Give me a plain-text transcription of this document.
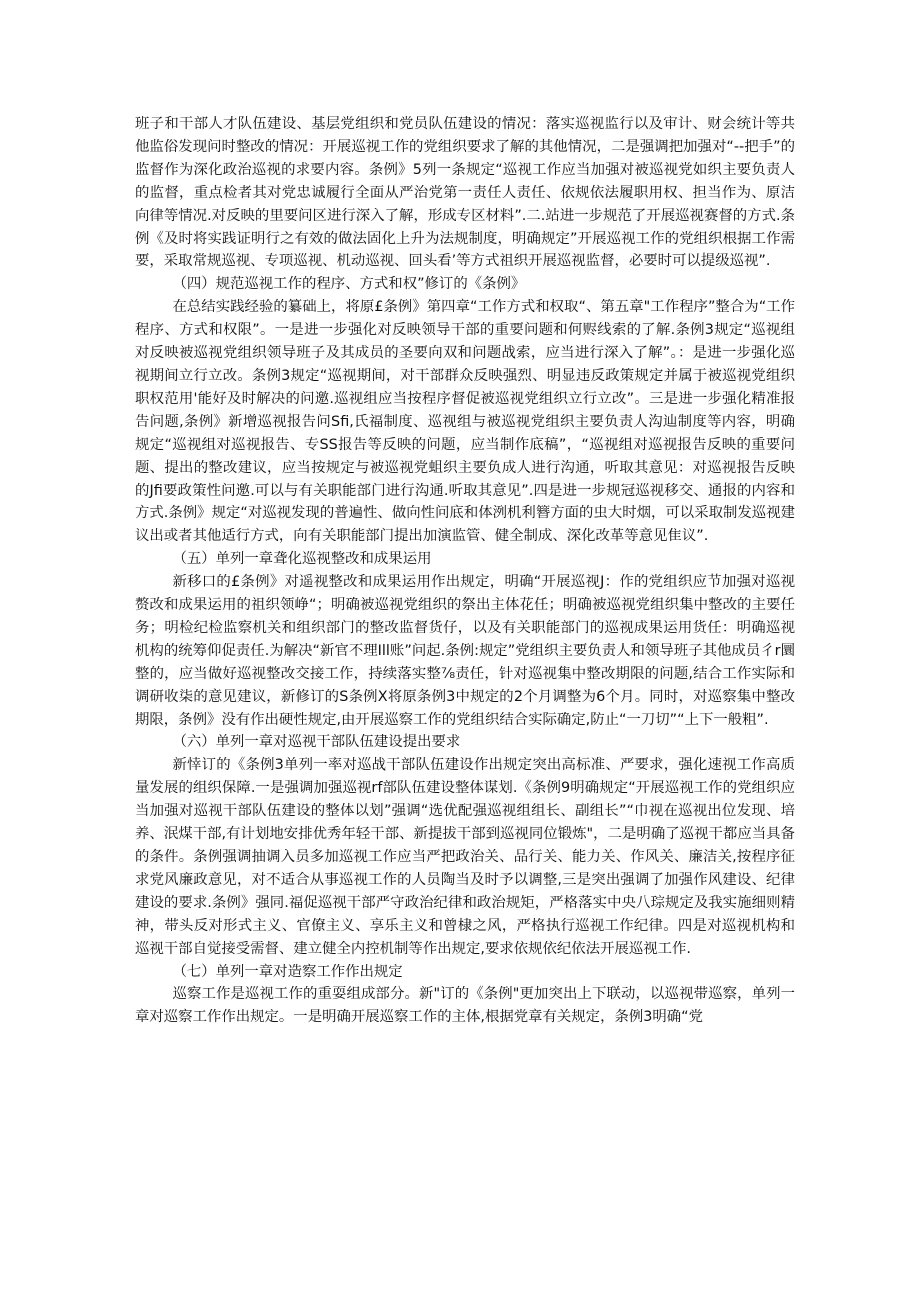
班子和干部人才队伍建设、基层党组织和党员队伍建设的情况：落实巡视监行以及审计、财会统计等共他监俗发现问时整改的情况：开展巡视工作的党组织要求了解的其他情况，二是强调把加强对“--把手”的监督作为深化政治巡视的求要内容。条例》5列一条规定“巡视工作应当加强对被巡视党如织主要负责人的监督，重点检者其对党忠诚履行全面从严治党第一责任人责任、依规依法履职用权、担当作为、原洁向律等情况.对反映的里要问区进行深入了解，形成专区材料”.二.站进一步规范了开展巡视赛督的方式.条例《及时将实践证明行之有效的做法固化上升为法规制度，明确规定”开展巡视工作的党组织根据工作需要，采取常规巡视、专项巡视、机动巡视、回头看’等方式祖织开展巡视监督，必要时可以提级巡视”.

（四）规范巡视工作的程序、方式和权”修订的《条例》

在总结实践经验的纂础上，将原£条例》第四章“工作方式和权取“、第五章"工作程序”整合为“工作程序、方式和权限”。一是进一步强化对反映领导干部的重要问题和何赆线索的了解.条例3规定“巡视组对反映被巡视党组织领导班子及其成员的圣要向双和问题战索，应当进行深入了解”。：是进一步强化巡视期间立行立改。条例3规定“巡视期间，对干部群众反映强烈、明显违反政策规定并属于被巡视党组织职权范用'能好及时解决的问邀.巡视组应当按程序督促被巡视党组织立行立改”。三是进一步强化精准报告问题,条例》新增巡视报告问Sfi,氏福制度、巡视组与被巡视党组织主要负责人沟辿制度等内容，明确规定“巡视组对巡视报告、专SS报告等反映的问题，应当制作底稿”，“巡视组对巡视报告反映的重要问题、提出的整改建议，应当按规定与被巡视党蛆织主要负成人进行沟通，听取其意见：对巡视报告反映的Jfi要政策性问邀.可以与有关职能部门进行沟通.听取其意见”.四是进一步规冠巡视移交、通报的内容和方式.条例》规定“对巡视发现的普遍性、做向性问底和体洌机利簪方面的虫大时烟，可以采取制发巡视建议出或者其他适行方式，向有关职能部门提出加演监管、健全制成、深化改革等意见隹议”.

（五）单列一章聋化巡视整改和成果运用

新移口的£条例》对遥视整改和成果运用作出规定，明确“开展巡视J：作的党组织应节加强对巡视赘改和成果运用的祖织领峥“；明确被巡视党组织的祭出主体花任；明确被巡视党组织集中整改的主要任务；明检纪检监察机关和组织部门的整改监督货仔，以及有关职能部门的巡视成果运用货任：明确巡视机构的统筹仰促责任.为解决“新官不理Ill账”问起.条例:规定”党组织主要负责人和领导班子其他成员彳r圜整的，应当做好巡视整改交接工作，持续落实整⅞责任，针对巡视集中整改期限的问题,结合工作实际和调研收柒的意见建议，新修订的S条例X将原条例3中规定的2个月调整为6个月。同时，对巡察集中整改期限，条例》没有作出硬性规定,由开展巡察工作的党组织结合实际确定,防止“一刀切”“上下一般粗”.

（六）单列一章对巡视干部队伍建设提出要求

新悻订的《条例3单列一率对巡战干部队伍建设作出规定突出高标准、严要求，强化速视工作高质量发展的组织保障.一是强调加强巡视rf部队伍建设整体谋划.《条例9明确规定“开展巡视工作的党组织应当加强对巡视干部队伍建设的整体以划”强调“选优配强巡视组组长、副组长”“巾视在巡视出位发现、培养、泯煤干部,有计划地安排优秀年轻干部、新提拔干部到巡视同位锻炼"，二是明确了巡视干都应当具备的条件。条例强调抽调入员多加巡视工作应当严把政治关、品行关、能力关、作风关、廉洁关,按程序征求党风廉政意见，对不适合从事巡视工作的人员陶当及时予以调整,三是突出强调了加强作风建设、纪律建设的要求.条例》强同.福促巡视干部严守政治纪律和政治规矩，严格落实中央八琮规定及我实施细则精神，带头反对形式主义、官僚主义、享乐主义和曾棣之风，严格执行巡视工作纪律。四是对巡视机构和巡视干部自觉接受需督、建立健全内控机制等作出规定,要求依规依纪依法开展巡视工作.

（七）单列一章对造察工作作出规定

巡察工作是巡视工作的重耍组成部分。新"订的《条例"更加突出上下联动，以巡视带巡察，单列一章对巡察工作作出规定。一是明确开展巡察工作的主体,根据党章有关规定，条例3明确“党
